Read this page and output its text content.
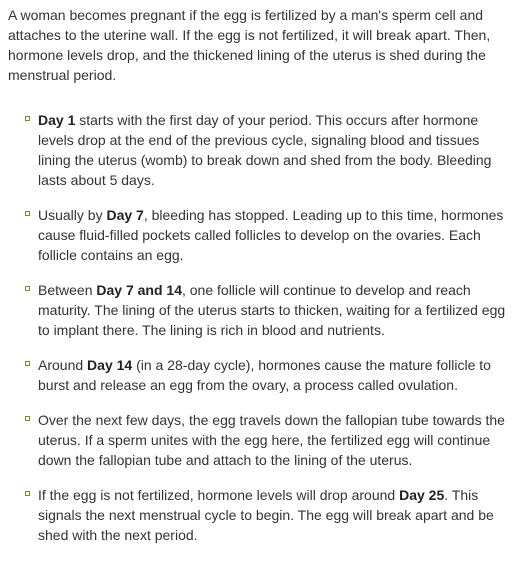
A woman becomes pregnant if the egg is fertilized by a man's sperm cell and attaches to the uterine wall. If the egg is not fertilized, it will break apart. Then, hormone levels drop, and the thickened lining of the uterus is shed during the menstrual period.

Day 1 starts with the first day of your period. This occurs after hormone levels drop at the end of the previous cycle, signaling blood and tissues lining the uterus (womb) to break down and shed from the body. Bleeding lasts about 5 days.
Usually by Day 7, bleeding has stopped. Leading up to this time, hormones cause fluid-filled pockets called follicles to develop on the ovaries. Each follicle contains an egg.
Between Day 7 and 14, one follicle will continue to develop and reach maturity. The lining of the uterus starts to thicken, waiting for a fertilized egg to implant there. The lining is rich in blood and nutrients.
Around Day 14 (in a 28-day cycle), hormones cause the mature follicle to burst and release an egg from the ovary, a process called ovulation.
Over the next few days, the egg travels down the fallopian tube towards the uterus. If a sperm unites with the egg here, the fertilized egg will continue down the fallopian tube and attach to the lining of the uterus.
If the egg is not fertilized, hormone levels will drop around Day 25. This signals the next menstrual cycle to begin. The egg will break apart and be shed with the next period.
